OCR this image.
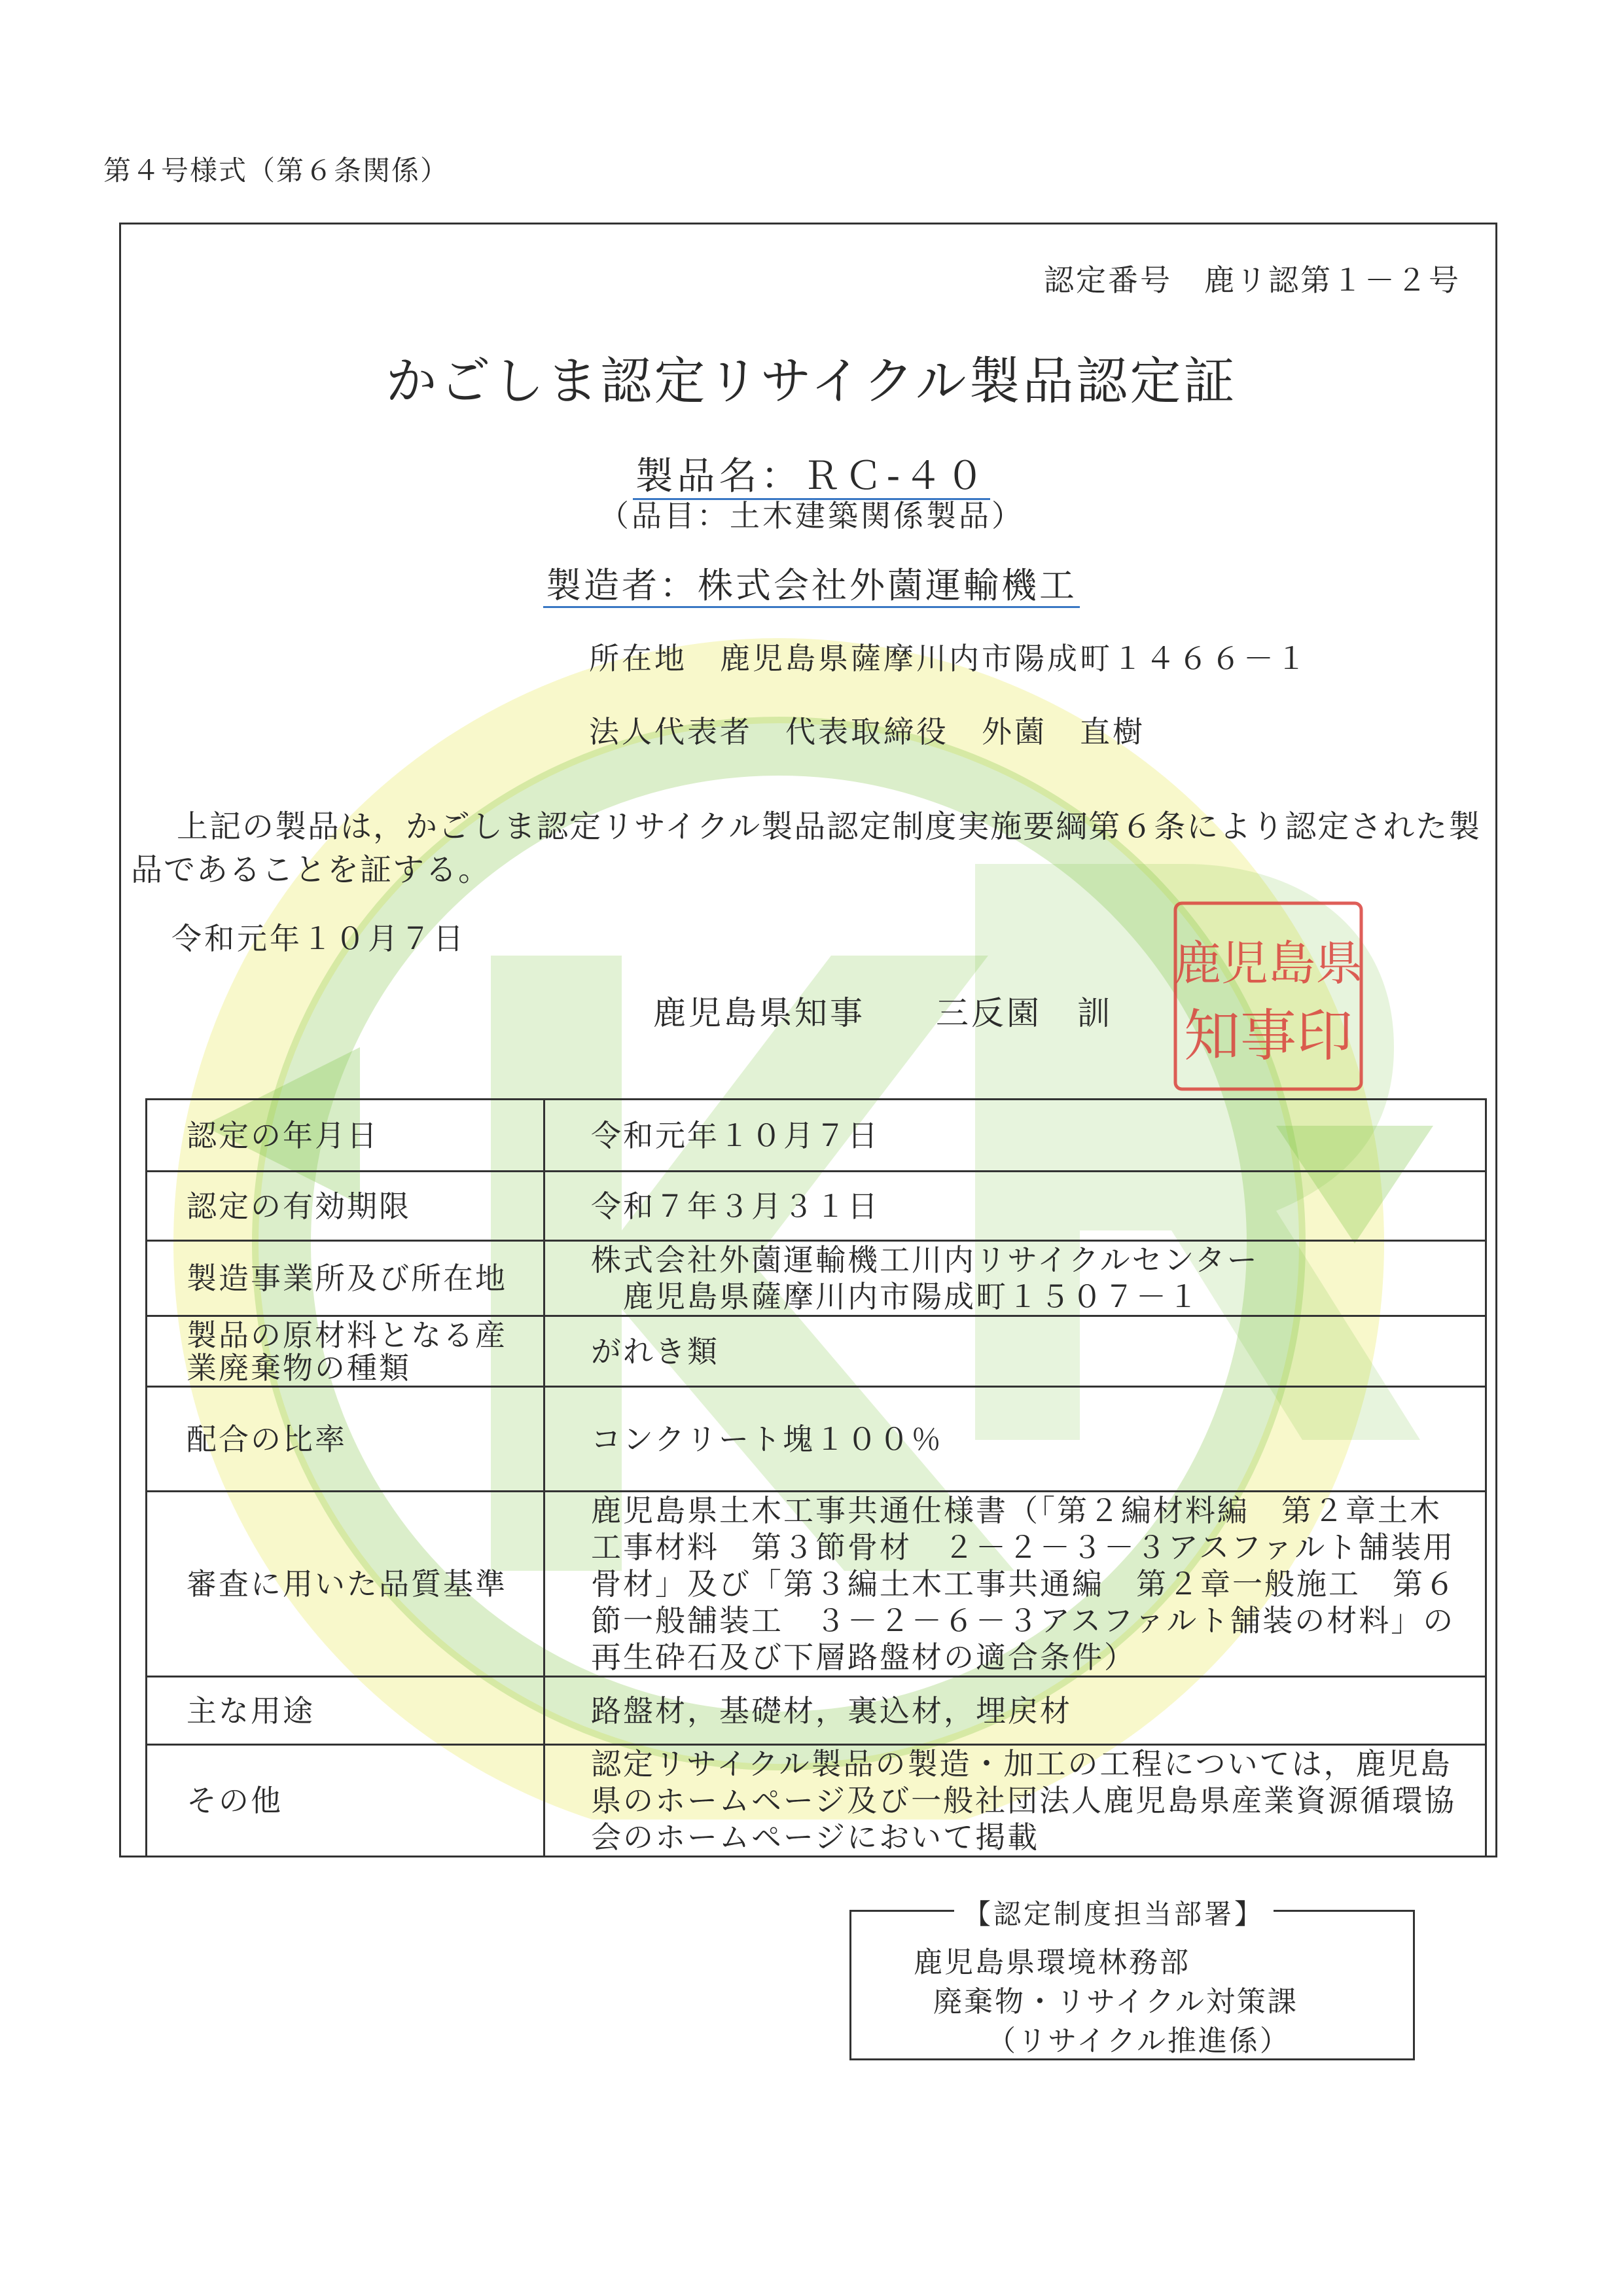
第４号様式（第６条関係）
認定番号　鹿リ認第１－２号
かごしま認定リサイクル製品認定証
製品名：ＲＣ-４０
（品目：土木建築関係製品）
製造者：株式会社外薗運輸機工
所在地　鹿児島県薩摩川内市陽成町１４６６－１
法人代表者　代表取締役　外薗　直樹
上記の製品は，かごしま認定リサイクル製品認定制度実施要綱第６条により認定された製品であることを証する。
令和元年１０月７日
鹿児島県知事　　三反園　訓
鹿児島県
知事印
認定の年月日	令和元年１０月７日
認定の有効期限	令和７年３月３１日
製造事業所及び所在地	株式会社外薗運輸機工川内リサイクルセンター
　鹿児島県薩摩川内市陽成町１５０７－１

製品の原材料となる産業廃棄物の種類	がれき類
配合の比率	コンクリート塊１００％
審査に用いた品質基準	鹿児島県土木工事共通仕様書（「第２編材料編　第２章土木工事材料　第３節骨材　２－２－３－３アスファルト舗装用骨材」及び「第３編土木工事共通編　第２章一般施工　第６節一般舗装工　３－２－６－３アスファルト舗装の材料」の再生砕石及び下層路盤材の適合条件）
主な用途	路盤材，基礎材，裏込材，埋戻材
その他	認定リサイクル製品の製造・加工の工程については，鹿児島県のホームページ及び一般社団法人鹿児島県産業資源循環協会のホームページにおいて掲載
【認定制度担当部署】
鹿児島県環境林務部
廃棄物・リサイクル対策課
（リサイクル推進係）
